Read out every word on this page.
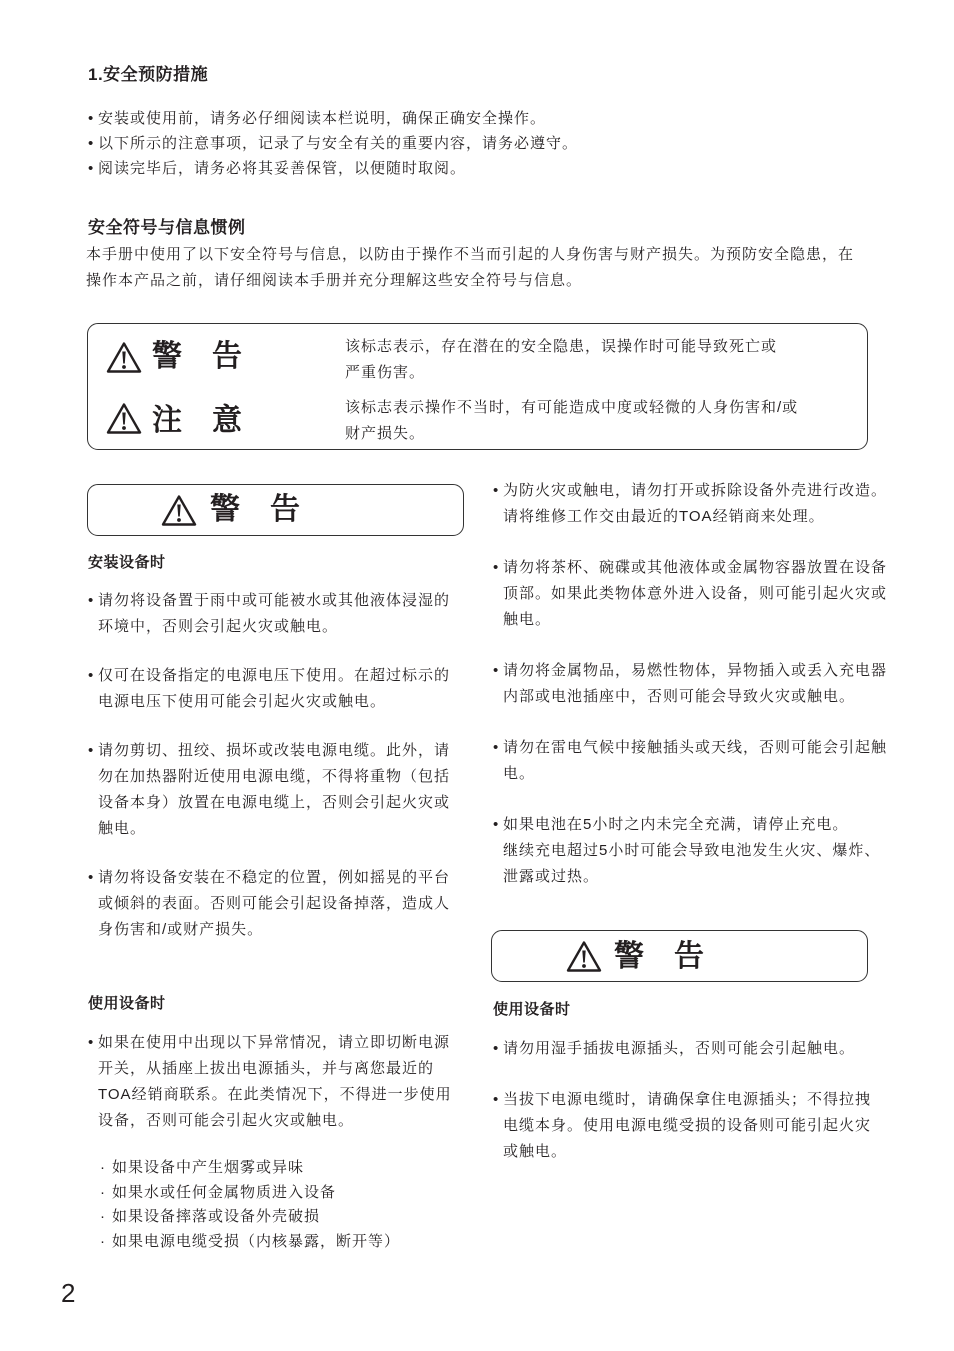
1.安全预防措施
• 安装或使用前，请务必仔细阅读本栏说明，确保正确安全操作。
• 以下所示的注意事项，记录了与安全有关的重要内容，请务必遵守。
• 阅读完毕后，请务必将其妥善保管，以便随时取阅。
安全符号与信息惯例
本手册中使用了以下安全符号与信息，以防由于操作不当而引起的人身伤害与财产损失。为预防安全隐患，在
操作本产品之前，请仔细阅读本手册并充分理解这些安全符号与信息。
警告	该标志表示，存在潜在的安全隐患，误操作时可能导致死亡或
严重伤害。
注意	该标志表示操作不当时，有可能造成中度或轻微的人身伤害和/或
财产损失。
警告
安装设备时
• 请勿将设备置于雨中或可能被水或其他液体浸湿的
环境中，否则会引起火灾或触电。
• 仅可在设备指定的电源电压下使用。在超过标示的
电源电压下使用可能会引起火灾或触电。
• 请勿剪切、扭绞、损坏或改装电源电缆。此外，请
勿在加热器附近使用电源电缆，不得将重物（包括
设备本身）放置在电源电缆上，否则会引起火灾或
触电。
• 请勿将设备安装在不稳定的位置，例如摇晃的平台
或倾斜的表面。否则可能会引起设备掉落，造成人
身伤害和/或财产损失。
使用设备时
• 如果在使用中出现以下异常情况，请立即切断电源
开关，从插座上拔出电源插头，并与离您最近的
TOA经销商联系。在此类情况下，不得进一步使用
设备，否则可能会引起火灾或触电。
· 如果设备中产生烟雾或异味
· 如果水或任何金属物质进入设备
· 如果设备摔落或设备外壳破损
· 如果电源电缆受损（内核暴露，断开等）
2
• 为防火灾或触电，请勿打开或拆除设备外壳进行改造。
请将维修工作交由最近的TOA经销商来处理。
• 请勿将茶杯、碗碟或其他液体或金属物容器放置在设备
顶部。如果此类物体意外进入设备，则可能引起火灾或
触电。
• 请勿将金属物品，易燃性物体，异物插入或丢入充电器
内部或电池插座中，否则可能会导致火灾或触电。
• 请勿在雷电气候中接触插头或天线，否则可能会引起触
电。
• 如果电池在5小时之内未完全充满，请停止充电。
继续充电超过5小时可能会导致电池发生火灾、爆炸、
泄露或过热。
警告
使用设备时
• 请勿用湿手插拔电源插头，否则可能会引起触电。
• 当拔下电源电缆时，请确保拿住电源插头；不得拉拽
电缆本身。使用电源电缆受损的设备则可能引起火灾
或触电。
